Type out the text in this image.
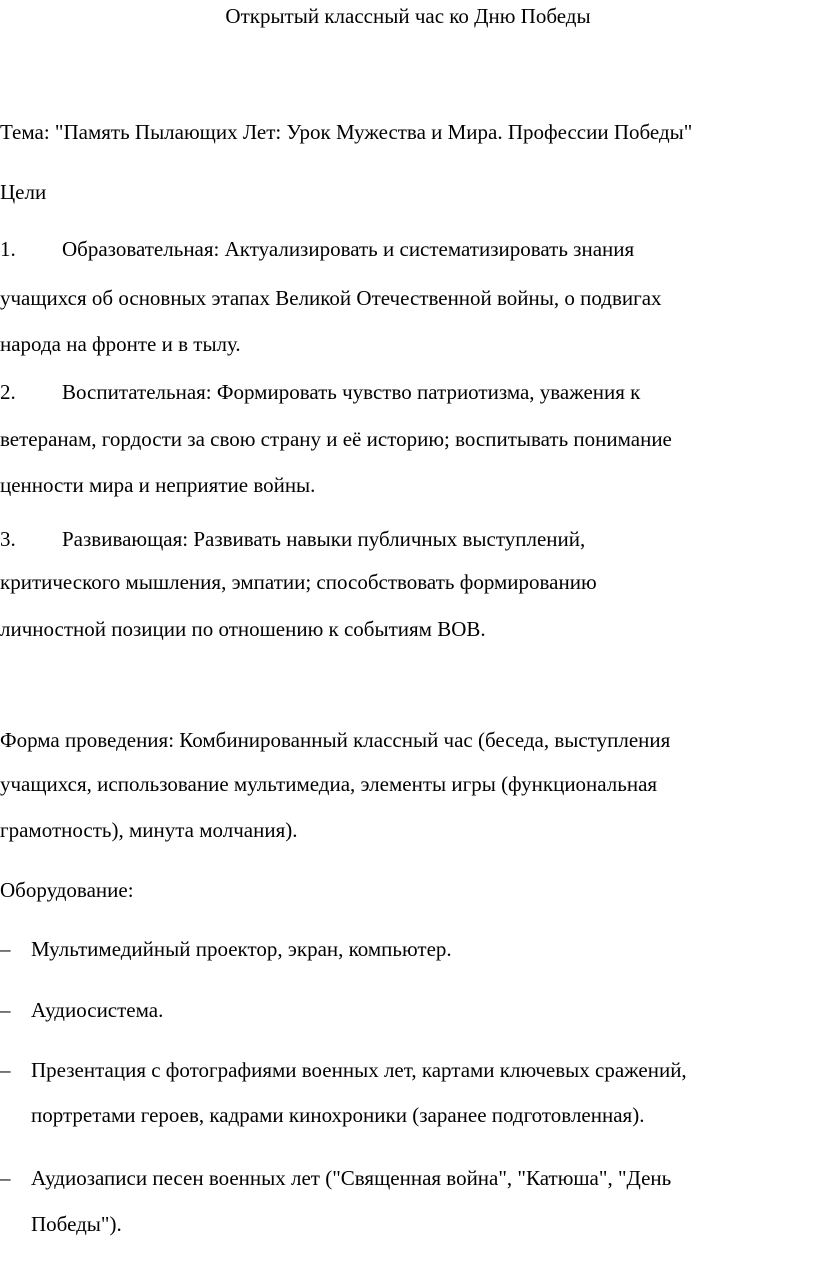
Открытый классный час ко Дню Победы
Тема: "Память Пылающих Лет: Урок Мужества и Мира. Профессии Победы"
Цели
1. Образовательная: Актуализировать и систематизировать знания
учащихся об основных этапах Великой Отечественной войны, о подвигах
народа на фронте и в тылу.
2. Воспитательная: Формировать чувство патриотизма, уважения к
ветеранам, гордости за свою страну и её историю; воспитывать понимание
ценности мира и неприятие войны.
3. Развивающая: Развивать навыки публичных выступлений,
критического мышления, эмпатии; способствовать формированию
личностной позиции по отношению к событиям ВОВ.
Форма проведения: Комбинированный классный час (беседа, выступления
учащихся, использование мультимедиа, элементы игры (функциональная
грамотность), минута молчания).
Оборудование:
– Мультимедийный проектор, экран, компьютер.
– Аудиосистема.
– Презентация с фотографиями военных лет, картами ключевых сражений,
портретами героев, кадрами кинохроники (заранее подготовленная).
– Аудиозаписи песен военных лет ("Священная война", "Катюша", "День
Победы").
